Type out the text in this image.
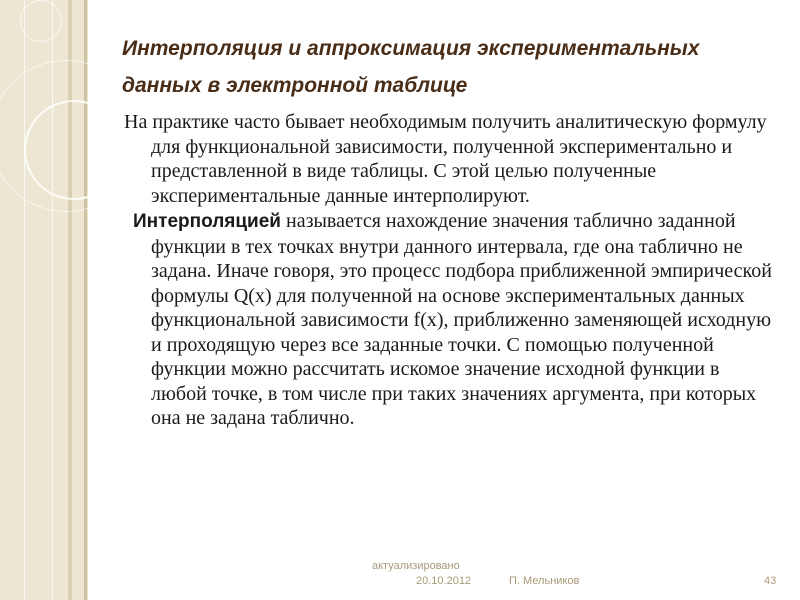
Интерполяция и аппроксимация экспериментальных
данных в электронной таблице

На практике часто бывает необходимым получить аналитическую формулу для функциональной зависимости, полученной экспериментально и представленной в виде таблицы. С этой целью полученные экспериментальные данные интерполируют.

Интерполяцией называется нахождение значения таблично заданной функции в тех точках внутри данного интервала, где она таблично не задана. Иначе говоря, это процесс подбора приближенной эмпирической формулы Q(x) для полученной на основе экспериментальных данных функциональной зависимости f(x), приближенно заменяющей исходную и проходящую через все заданные точки. С помощью полученной функции можно рассчитать искомое значение исходной функции в любой точке, в том числе при таких значениях аргумента, при которых она не задана таблично.

актуализировано
20.10.2012	П. Мельников	43
